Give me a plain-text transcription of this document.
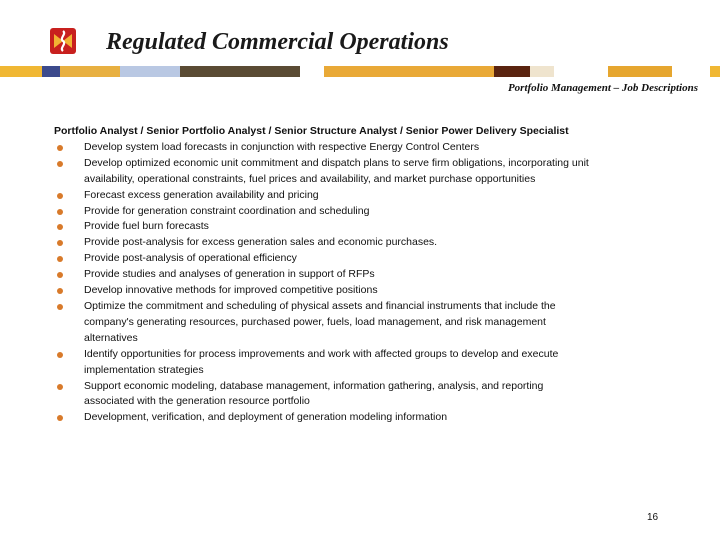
Regulated Commercial Operations

Portfolio Management – Job Descriptions

Portfolio Analyst / Senior Portfolio Analyst / Senior Structure Analyst / Senior Power Delivery Specialist

Develop system load forecasts in conjunction with respective Energy Control Centers
Develop optimized economic unit commitment and dispatch plans to serve firm obligations, incorporating unit
availability, operational constraints, fuel prices and availability, and market purchase opportunities
Forecast excess generation availability and pricing
Provide for generation constraint coordination and scheduling
Provide fuel burn forecasts
Provide post-analysis for excess generation sales and economic purchases.
Provide post-analysis of operational efficiency
Provide studies and analyses of generation in support of RFPs
Develop innovative methods for improved competitive positions
Optimize the commitment and scheduling of physical assets and financial instruments that include the
company's generating resources, purchased power, fuels, load management, and risk management
alternatives
Identify opportunities for process improvements and work with affected groups to develop and execute
implementation strategies
Support economic modeling, database management, information gathering, analysis, and reporting
associated with the generation resource portfolio
Development, verification, and deployment of generation modeling information
16
